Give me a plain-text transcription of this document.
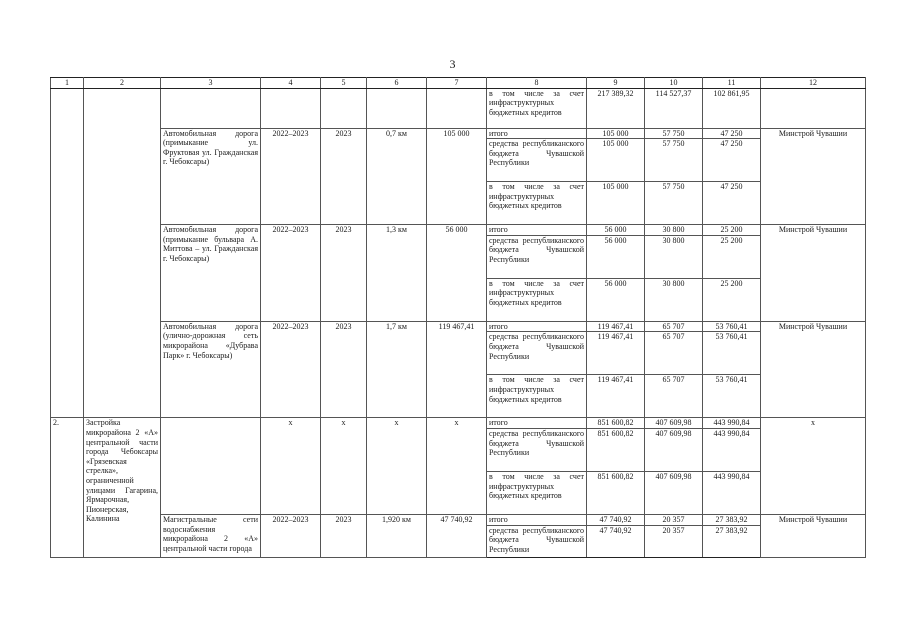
3
1	2	3	4	5	6	7	8	9	10	11	12
							в том числе за счет инфраструктурных бюджетных кредитов	217 389,32	114 527,37	102 861,95	
		Автомобильная дорога (примыкание ул. Фруктовая ул. Гражданская г. Чебоксары)	2022–2023	2023	0,7 км	105 000	итого	105 000	57 750	47 250	Минстрой Чувашии
							средства республиканского бюджета Чувашской Республики	105 000	57 750	47 250	
							в том числе за счет инфраструктурных бюджетных кредитов	105 000	57 750	47 250	
		Автомобильная дорога (примыкание бульвара А. Миттова – ул. Гражданская г. Чебоксары)	2022–2023	2023	1,3 км	56 000	итого	56 000	30 800	25 200	Минстрой Чувашии
							средства республиканского бюджета Чувашской Республики	56 000	30 800	25 200	
							в том числе за счет инфраструктурных бюджетных кредитов	56 000	30 800	25 200	
		Автомобильная дорога (улично-дорожная сеть микрорайона «Дубрава Парк» г. Чебоксары)	2022–2023	2023	1,7 км	119 467,41	итого	119 467,41	65 707	53 760,41	Минстрой Чувашии
							средства республиканского бюджета Чувашской Республики	119 467,41	65 707	53 760,41	
							в том числе за счет инфраструктурных бюджетных кредитов	119 467,41	65 707	53 760,41	
2.	Застройка микрорайона 2 «А» центральной части города Чебоксары «Грязевская стрелка», ограниченной улицами Гагарина, Ярмарочная, Пионерская, Калинина		х	х	х	х	итого	851 600,82	407 609,98	443 990,84	х
							средства республиканского бюджета Чувашской Республики	851 600,82	407 609,98	443 990,84	
							в том числе за счет инфраструктурных бюджетных кредитов	851 600,82	407 609,98	443 990,84	
		Магистральные сети водоснабжения микрорайона 2 «А» центральной части города	2022–2023	2023	1,920 км	47 740,92	итого	47 740,92	20 357	27 383,92	Минстрой Чувашии
							средства республиканского бюджета Чувашской Республики	47 740,92	20 357	27 383,92	
